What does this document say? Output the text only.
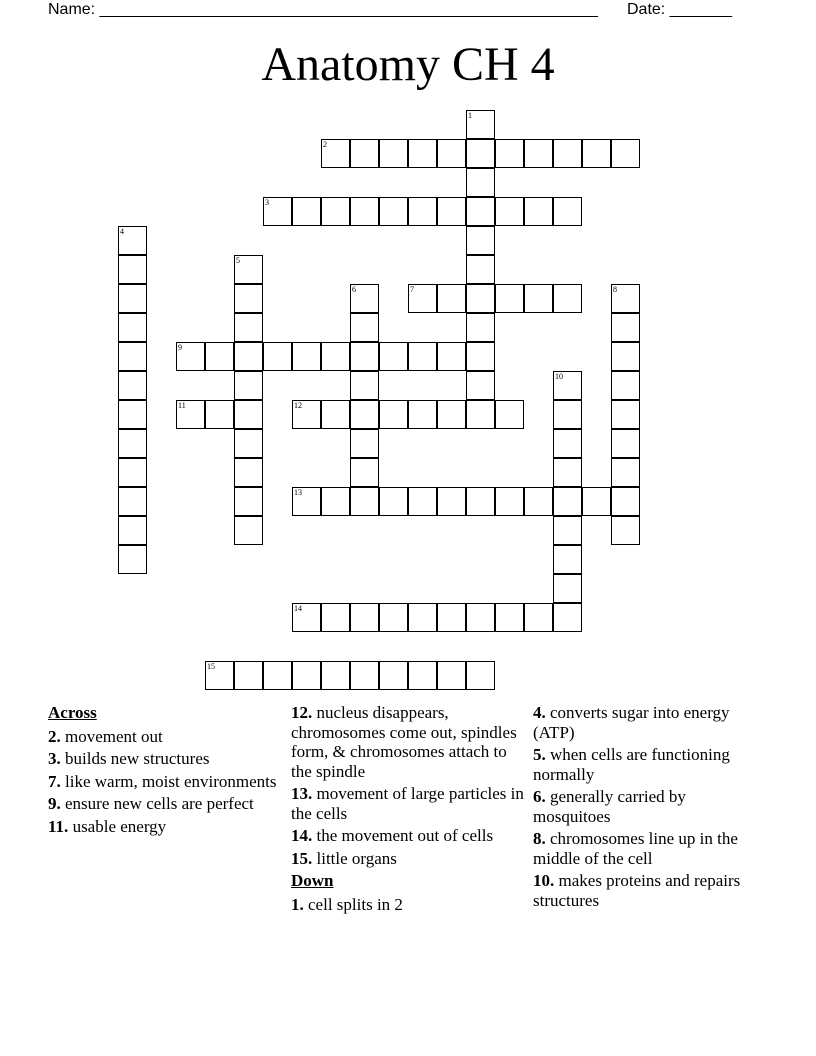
Name: ________________________________________________________ Date: _______
Anatomy CH 4
1
2
3
4
5
6	7	8
9
10
11	12
13
14
15
Across
2. movement out
3. builds new structures
7. like warm, moist environments
9. ensure new cells are perfect
11. usable energy
12. nucleus disappears, chromosomes come out, spindles form, & chromosomes attach to the spindle
13. movement of large particles in the cells
14. the movement out of cells
15. little organs
Down
1. cell splits in 2
4. converts sugar into energy (ATP)
5. when cells are functioning normally
6. generally carried by mosquitoes
8. chromosomes line up in the middle of the cell
10. makes proteins and repairs structures
